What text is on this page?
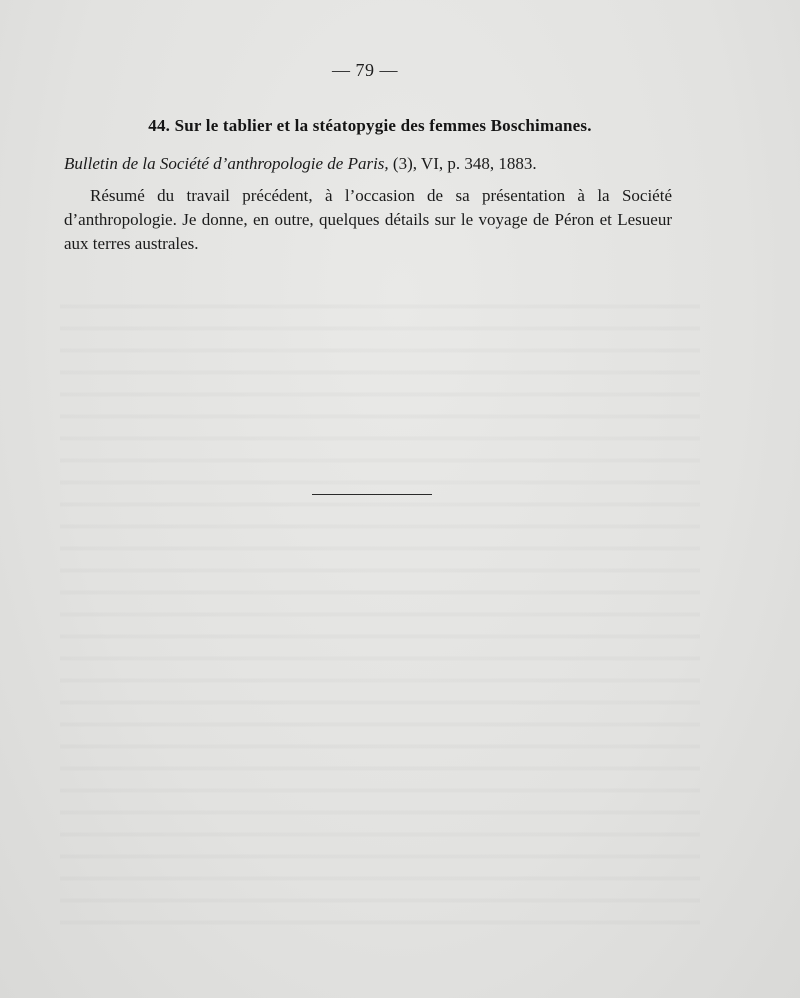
— 79 —
44. Sur le tablier et la stéatopygie des femmes Boschimanes.
Bulletin de la Société d’anthropologie de Paris, (3), VI, p. 348, 1883.

Résumé du travail précédent, à l’occasion de sa présentation à la Société d’anthropologie. Je donne, en outre, quelques détails sur le voyage de Péron et Lesueur aux terres australes.
